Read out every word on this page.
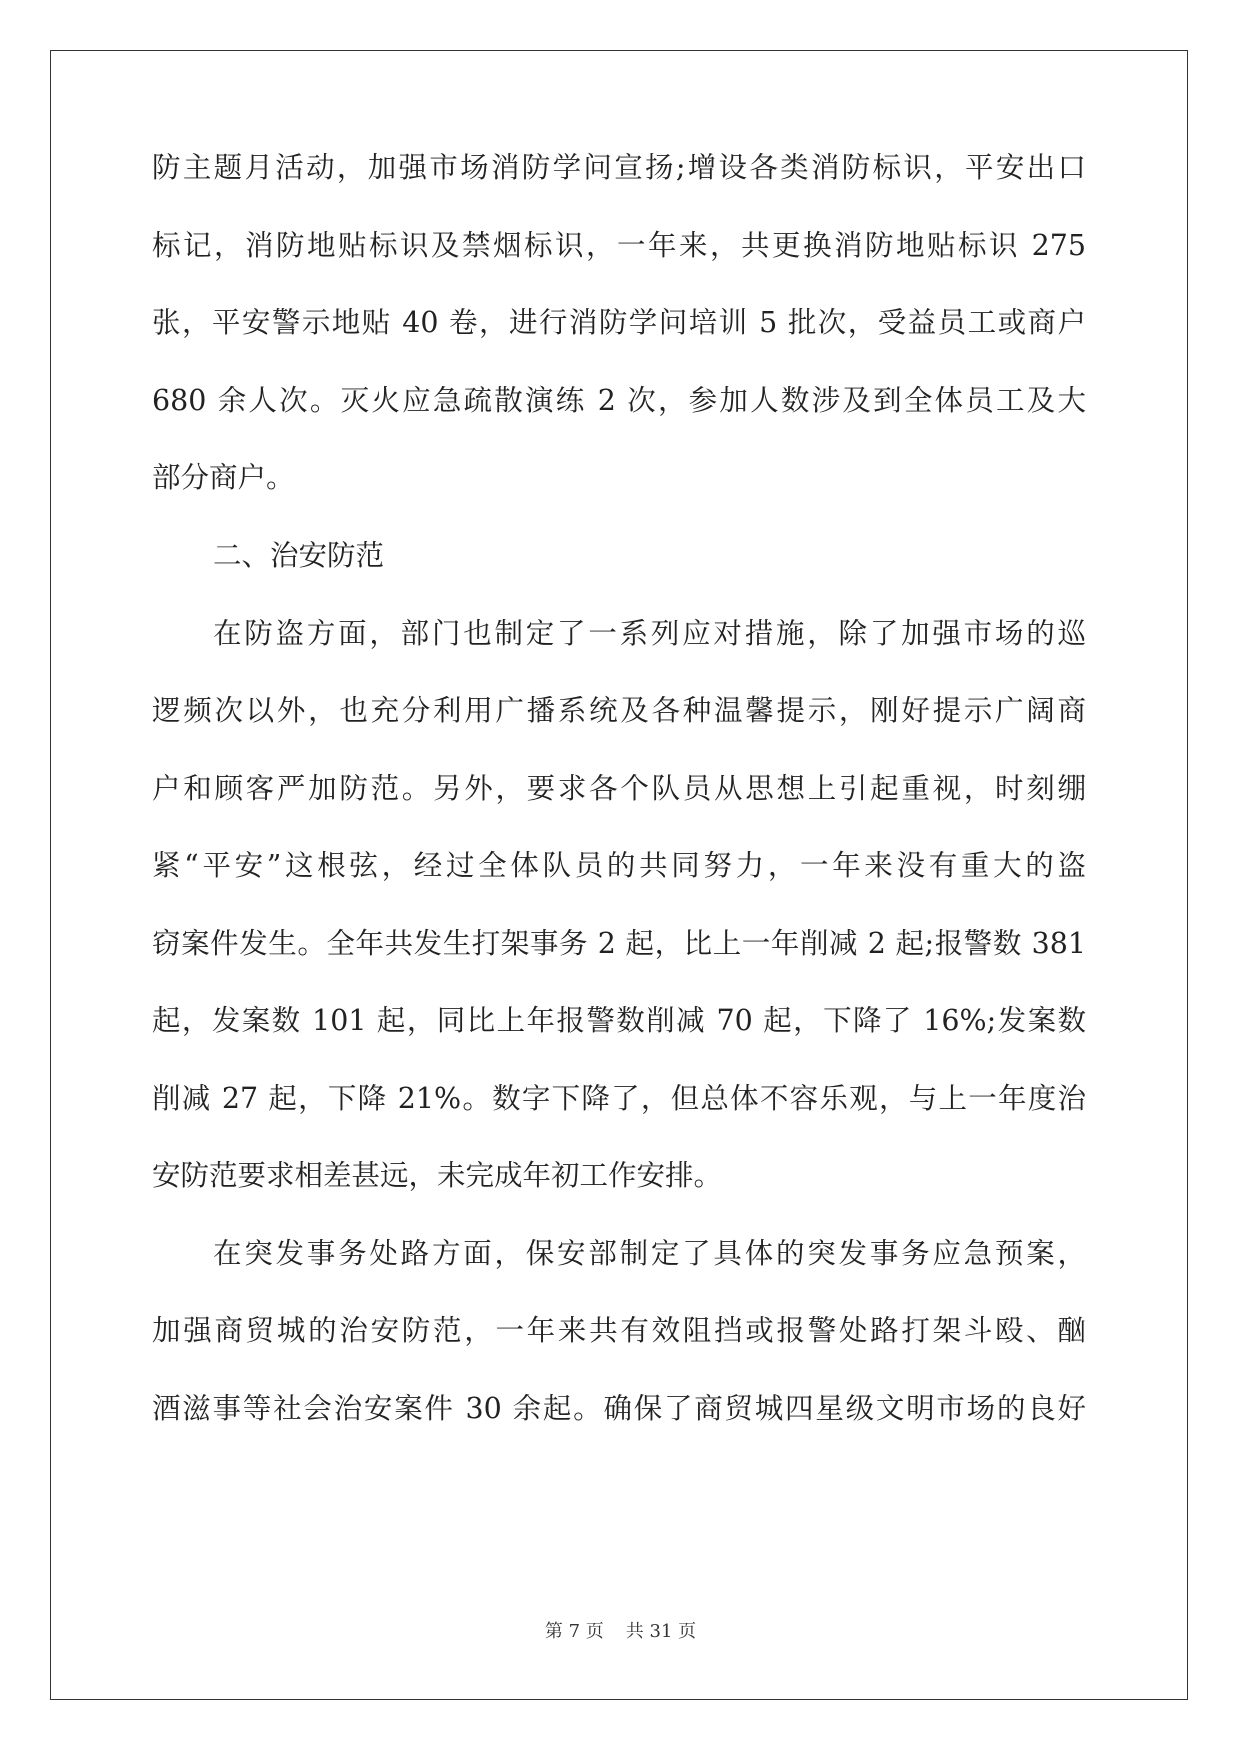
防主题月活动，加强市场消防学问宣扬;增设各类消防标识，平安出口
标记，消防地贴标识及禁烟标识，一年来，共更换消防地贴标识 275
张，平安警示地贴 40 卷，进行消防学问培训 5 批次，受益员工或商户
680 余人次。灭火应急疏散演练 2 次，参加人数涉及到全体员工及大
部分商户。
二、治安防范
在防盗方面，部门也制定了一系列应对措施，除了加强市场的巡
逻频次以外，也充分利用广播系统及各种温馨提示，刚好提示广阔商
户和顾客严加防范。另外，要求各个队员从思想上引起重视，时刻绷
紧“平安”这根弦，经过全体队员的共同努力，一年来没有重大的盗
窃案件发生。全年共发生打架事务 2 起，比上一年削减 2 起;报警数 381
起，发案数 101 起，同比上年报警数削减 70 起，下降了 16%;发案数
削减 27 起，下降 21%。数字下降了，但总体不容乐观，与上一年度治
安防范要求相差甚远，未完成年初工作安排。
在突发事务处路方面，保安部制定了具体的突发事务应急预案，
加强商贸城的治安防范，一年来共有效阻挡或报警处路打架斗殴、酗
酒滋事等社会治安案件 30 余起。确保了商贸城四星级文明市场的良好
第 7 页 共 31 页
